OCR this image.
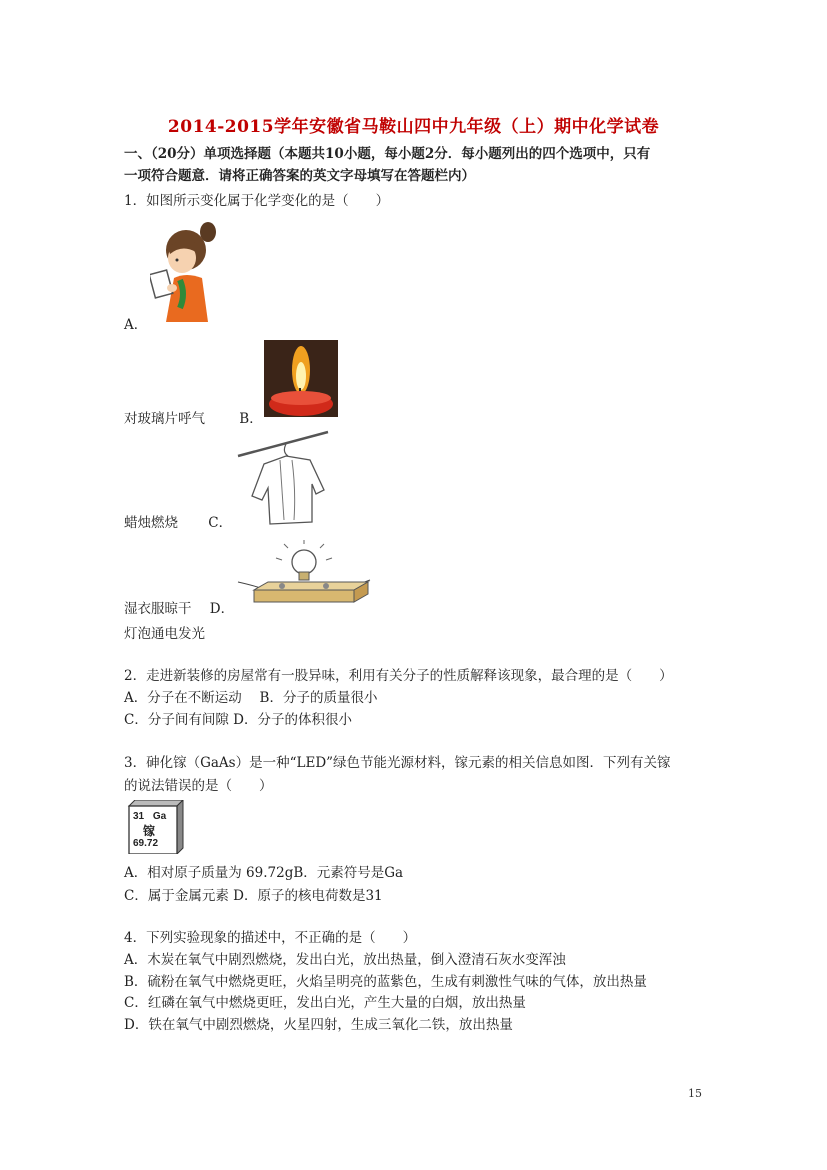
2014-2015学年安徽省马鞍山四中九年级（上）期中化学试卷
一、（20分）单项选择题（本题共10小题，每小题2分．每小题列出的四个选项中，只有
一项符合题意．请将正确答案的英文字母填写在答题栏内）
1．如图所示变化属于化学变化的是（　　）
A．
对玻璃片呼气	B．
蜡烛燃烧 C．
湿衣服晾干 D．
灯泡通电发光
2．走进新装修的房屋常有一股异味，利用有关分子的性质解释该现象，最合理的是（　　）
A．分子在不断运动　 B．分子的质量很小
C．分子间有间隙 D．分子的体积很小
3．砷化镓（GaAs）是一种“LED”绿色节能光源材料，镓元素的相关信息如图．下列有关镓
的说法错误的是（　　）
31 Ga
镓
69.72
A．相对原子质量为 69.72gB．元素符号是Ga
C．属于金属元素 D．原子的核电荷数是31
4．下列实验现象的描述中，不正确的是（　　）
A．木炭在氧气中剧烈燃烧，发出白光，放出热量，倒入澄清石灰水变浑浊
B．硫粉在氧气中燃烧更旺，火焰呈明亮的蓝紫色，生成有刺激性气味的气体，放出热量
C．红磷在氧气中燃烧更旺，发出白光，产生大量的白烟，放出热量
D．铁在氧气中剧烈燃烧，火星四射，生成三氧化二铁，放出热量
15
